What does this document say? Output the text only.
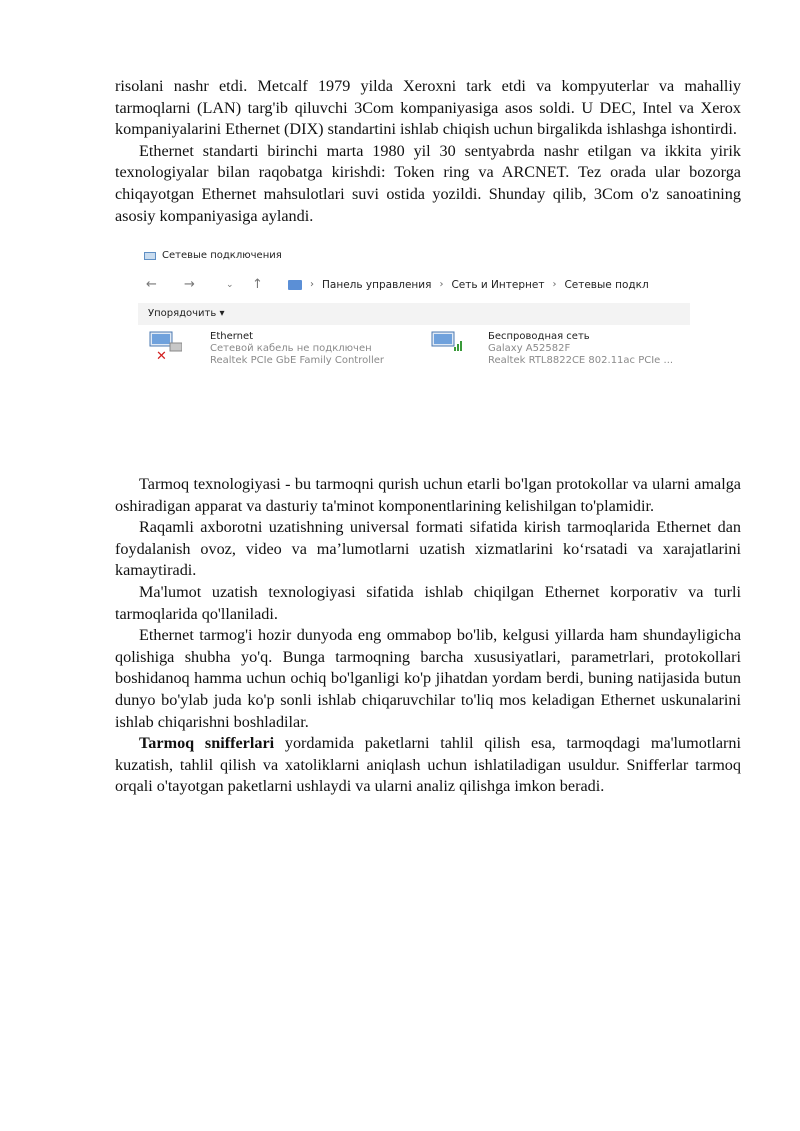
risolani nashr etdi. Metcalf 1979 yilda Xeroxni tark etdi va kompyuterlar va mahalliy tarmoqlarni (LAN) targ'ib qiluvchi 3Com kompaniyasiga asos soldi. U DEC, Intel va Xerox kompaniyalarini Ethernet (DIX) standartini ishlab chiqish uchun birgalikda ishlashga ishontirdi.

Ethernet standarti birinchi marta 1980 yil 30 sentyabrda nashr etilgan va ikkita yirik texnologiyalar bilan raqobatga kirishdi: Token ring va ARCNET. Tez orada ular bozorga chiqayotgan Ethernet mahsulotlari suvi ostida yozildi. Shunday qilib, 3Com o'z sanoatining asosiy kompaniyasiga aylandi.

Сетевые подключения
← →	⌄ ↑	› Панель управления › Сеть и Интернет › Сетевые подкл
Упорядочить ▾
✕
Ethernet
Сетевой кабель не подключен
Realtek PCIe GbE Family Controller
Беспроводная сеть
Galaxy A52582F
Realtek RTL8822CE 802.11ac PCIe ...

Tarmoq texnologiyasi - bu tarmoqni qurish uchun etarli bo'lgan protokollar va ularni amalga oshiradigan apparat va dasturiy ta'minot komponentlarining kelishilgan to'plamidir.

Raqamli axborotni uzatishning universal formati sifatida kirish tarmoqlarida Ethernet dan foydalanish ovoz, video va ma’lumotlarni uzatish xizmatlarini ko‘rsatadi va xarajatlarini kamaytiradi.

Ma'lumot uzatish texnologiyasi sifatida ishlab chiqilgan Ethernet korporativ va turli tarmoqlarida qo'llaniladi.

Ethernet tarmog'i hozir dunyoda eng ommabop bo'lib, kelgusi yillarda ham shundayligicha qolishiga shubha yo'q. Bunga tarmoqning barcha xususiyatlari, parametrlari, protokollari boshidanoq hamma uchun ochiq bo'lganligi ko'p jihatdan yordam berdi, buning natijasida butun dunyo bo'ylab juda ko'p sonli ishlab chiqaruvchilar to'liq mos keladigan Ethernet uskunalarini ishlab chiqarishni boshladilar.

Tarmoq snifferlari yordamida paketlarni tahlil qilish esa, tarmoqdagi ma'lumotlarni kuzatish, tahlil qilish va xatoliklarni aniqlash uchun ishlatiladigan usuldur. Snifferlar tarmoq orqali o'tayotgan paketlarni ushlaydi va ularni analiz qilishga imkon beradi.
